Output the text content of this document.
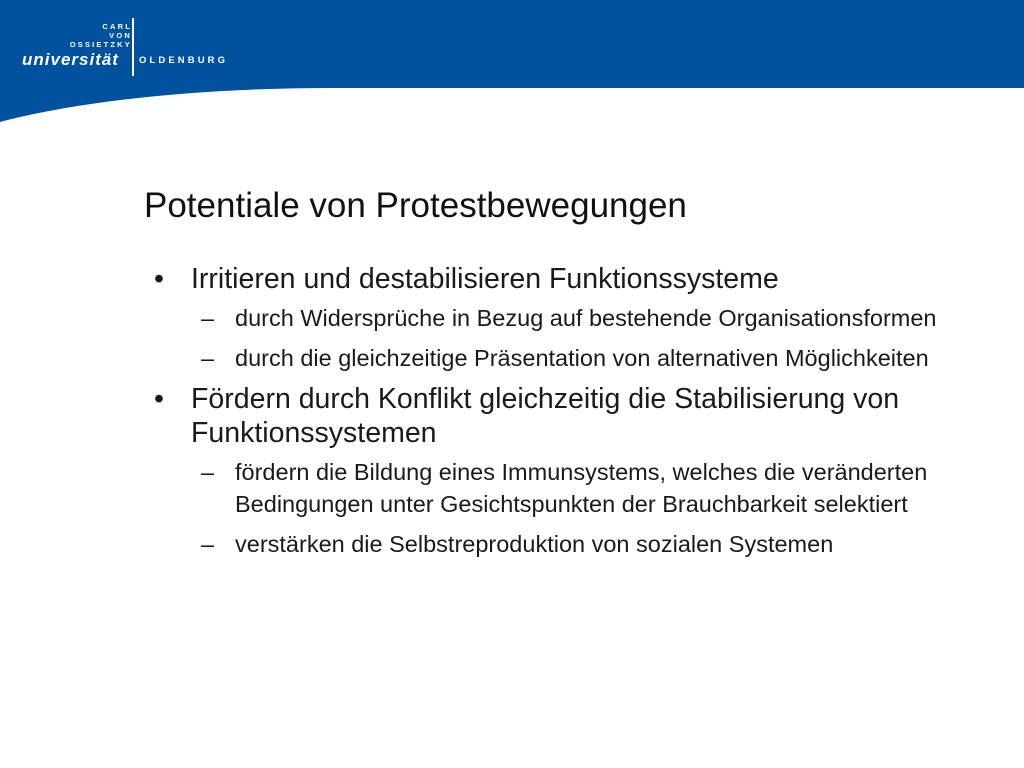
CARL
VON
OSSIETZKY
universität OLDENBURG
Potentiale von Protestbewegungen
• Irritieren und destabilisieren Funktionssysteme
– durch Widersprüche in Bezug auf bestehende Organisationsformen
– durch die gleichzeitige Präsentation von alternativen Möglichkeiten
• Fördern durch Konflikt gleichzeitig die Stabilisierung von Funktionssystemen
– fördern die Bildung eines Immunsystems, welches die veränderten Bedingungen unter Gesichtspunkten der Brauchbarkeit selektiert
– verstärken die Selbstreproduktion von sozialen Systemen
